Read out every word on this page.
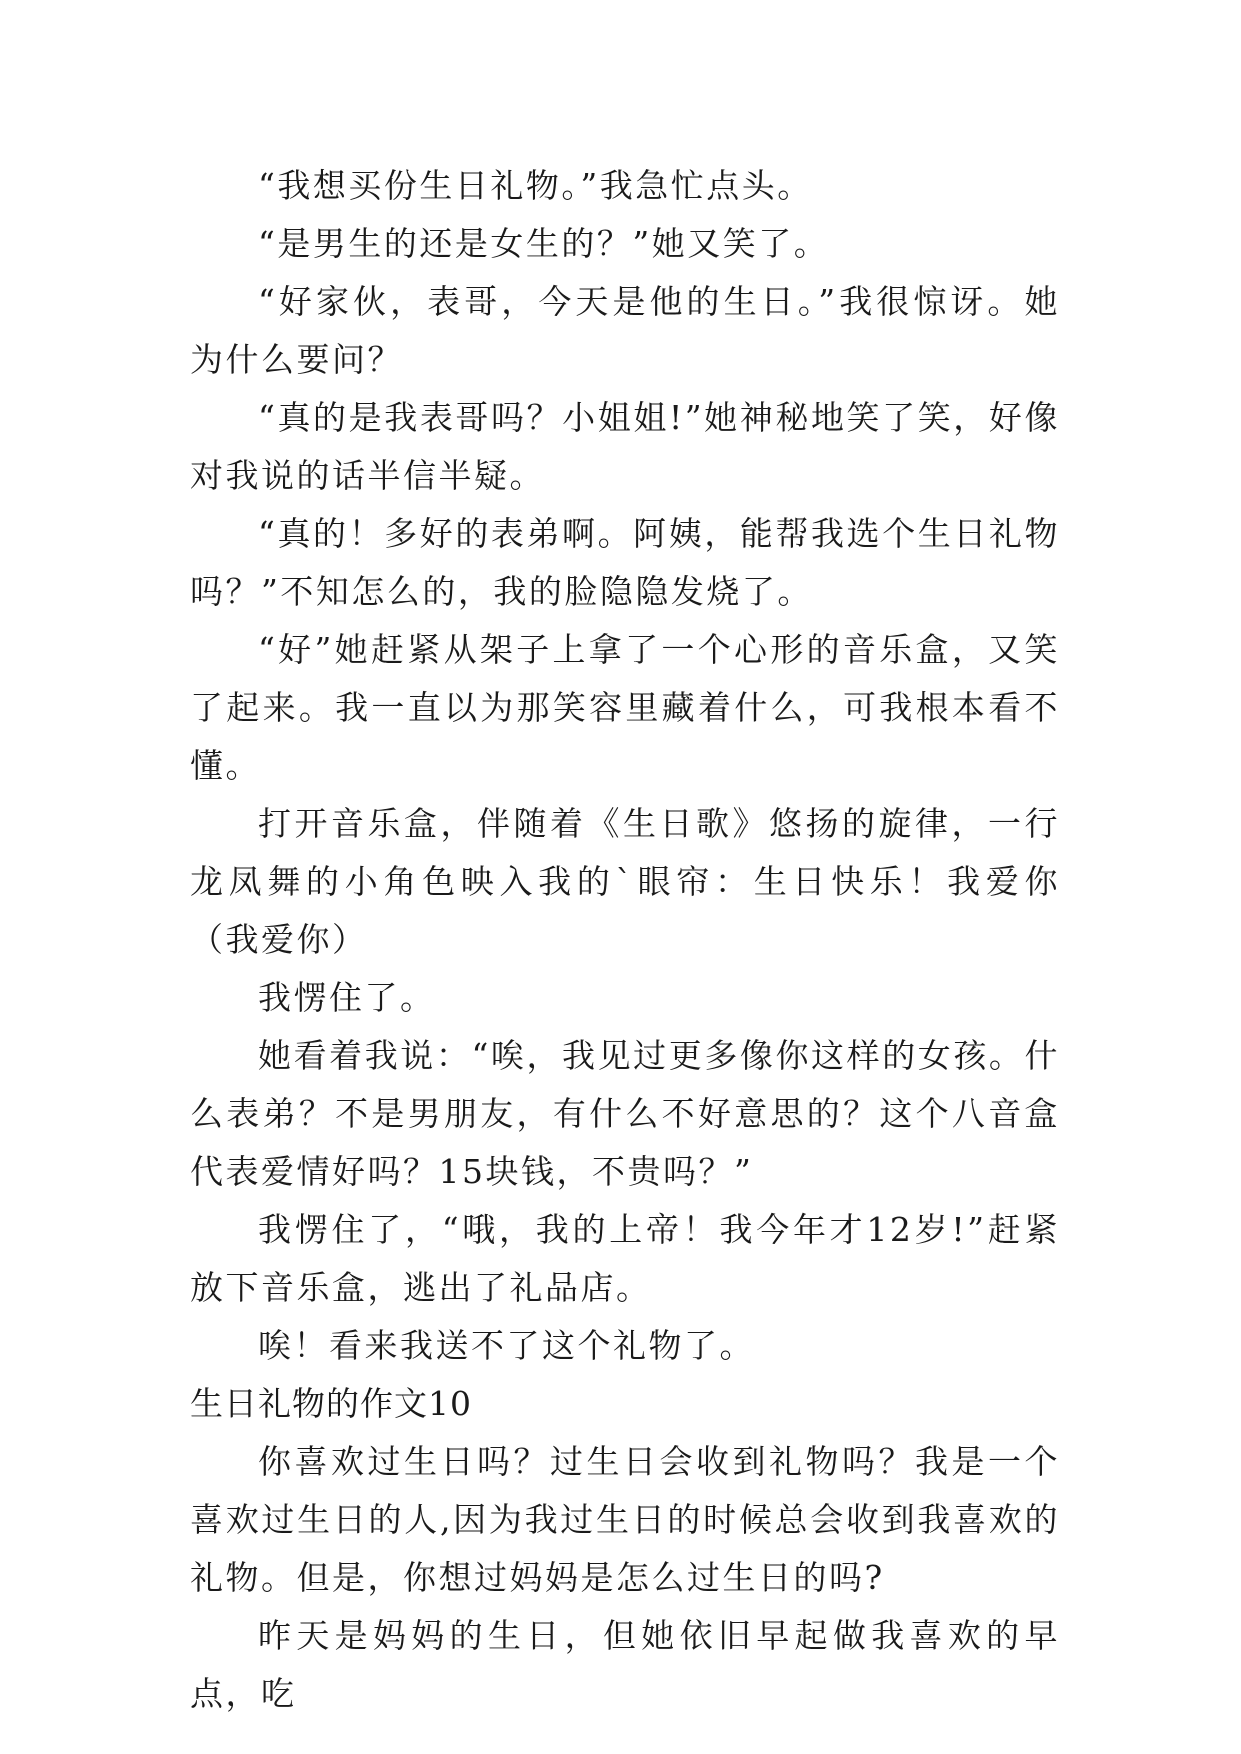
“我想买份生日礼物。”我急忙点头。

“是男生的还是女生的？”她又笑了。

“好家伙，表哥，今天是他的生日。”我很惊讶。她为什么要问？

“真的是我表哥吗？小姐姐!”她神秘地笑了笑，好像对我说的话半信半疑。

“真的！多好的表弟啊。阿姨，能帮我选个生日礼物吗？”不知怎么的，我的脸隐隐发烧了。

“好”她赶紧从架子上拿了一个心形的音乐盒，又笑了起来。我一直以为那笑容里藏着什么，可我根本看不懂。

打开音乐盒，伴随着《生日歌》悠扬的旋律，一行龙凤舞的小角色映入我的`眼帘：生日快乐！我爱你（我爱你）

我愣住了。

她看着我说：“唉，我见过更多像你这样的女孩。什么表弟？不是男朋友，有什么不好意思的？这个八音盒代表爱情好吗？15块钱，不贵吗？”

我愣住了，“哦，我的上帝！我今年才12岁!”赶紧放下音乐盒，逃出了礼品店。

唉！看来我送不了这个礼物了。

生日礼物的作文10

你喜欢过生日吗？过生日会收到礼物吗？我是一个喜欢过生日的人,因为我过生日的时候总会收到我喜欢的礼物。但是，你想过妈妈是怎么过生日的吗?

昨天是妈妈的生日，但她依旧早起做我喜欢的早点，吃
